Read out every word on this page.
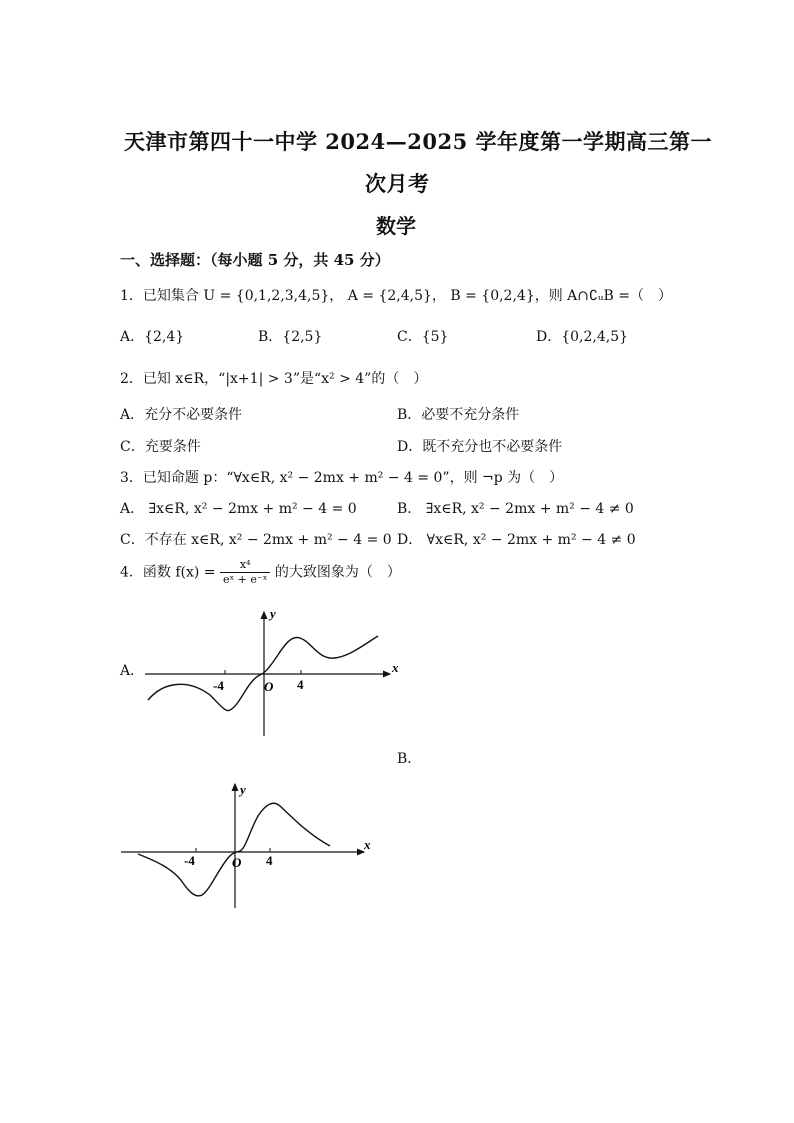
天津市第四十一中学 2024—2025 学年度第一学期高三第一
次月考
数学
一、选择题：（每小题 5 分，共 45 分）
1．已知集合 U = {0,1,2,3,4,5}， A = {2,4,5}， B = {0,2,4}，则 A∩∁ᵤB =（　）
A．{2,4}	B．{2,5}	C．{5}	D．{0,2,4,5}
2．已知 x∈R，“|x+1| > 3”是“x² > 4”的（　）
A．充分不必要条件	B．必要不充分条件
C．充要条件	D．既不充分也不必要条件
3．已知命题 p：“∀x∈R, x² − 2mx + m² − 4 = 0”，则 ¬p 为（　）
A． ∃x∈R, x² − 2mx + m² − 4 = 0	B． ∃x∈R, x² − 2mx + m² − 4 ≠ 0
C．不存在 x∈R, x² − 2mx + m² − 4 = 0 D． ∀x∈R, x² − 2mx + m² − 4 ≠ 0
4．函数 $f(x) = \frac{\text{x⁴}}{\text{eˣ + e⁻ˣ}}$ 的大致图象为（　）
A．
y
x
O
-4	4
B．
y
x
O
-4	4
